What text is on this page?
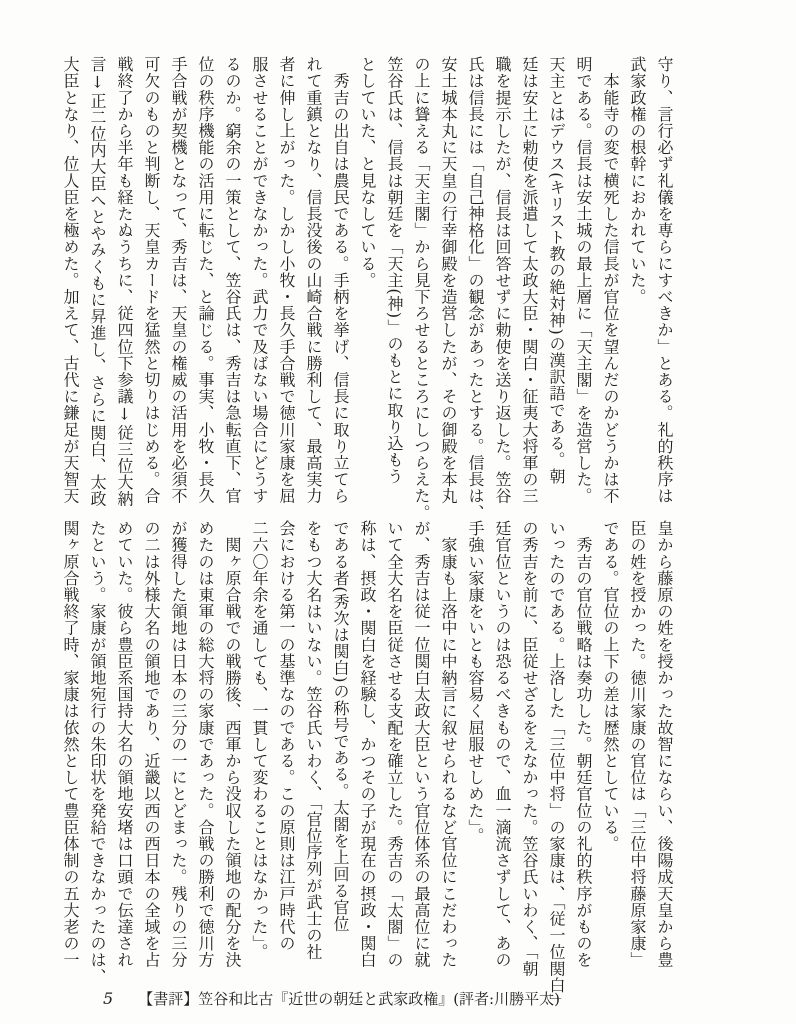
守り、言行必ず礼儀を専らにすべきか」とある。礼的秩序は

武家政権の根幹におかれていた。

　本能寺の変で横死した信長が官位を望んだのかどうかは不

明である。信長は安土城の最上層に「天主閣」を造営した。

天主とはデウス(キリスト教の絶対神)の漢訳語である。朝

廷は安土に勅使を派遣して太政大臣・関白・征夷大将軍の三

職を提示したが、信長は回答せずに勅使を送り返した。笠谷

氏は信長には「自己神格化」の観念があったとする。信長は、

安土城本丸に天皇の行幸御殿を造営したが、その御殿を本丸

の上に聳える「天主閣」から見下ろせるところにしつらえた。

笠谷氏は、信長は朝廷を「天主(神)」のもとに取り込もう

としていた、と見なしている。

　秀吉の出自は農民である。手柄を挙げ、信長に取り立てら

れて重鎮となり、信長没後の山崎合戦に勝利して、最高実力

者に伸し上がった。しかし小牧・長久手合戦で徳川家康を屈

服させることができなかった。武力で及ばない場合にどうす

るのか。窮余の一策として、笠谷氏は、秀吉は急転直下、官

位の秩序機能の活用に転じた、と論じる。事実、小牧・長久

手合戦が契機となって、秀吉は、天皇の権威の活用を必須不

可欠のものと判断し、天皇カードを猛然と切りはじめる。合

戦終了から半年も経たぬうちに、従四位下参議↓従三位大納

言↓正二位内大臣へとやみくもに昇進し、さらに関白、太政

大臣となり、位人臣を極めた。加えて、古代に鎌足が天智天

皇から藤原の姓を授かった故智にならい、後陽成天皇から豊

臣の姓を授かった。徳川家康の官位は「三位中将藤原家康」

である。官位の上下の差は歴然としている。

　秀吉の官位戦略は奏功した。朝廷官位の礼的秩序がものを

いったのである。上洛した「三位中将」の家康は、「従一位関白」

の秀吉を前に、臣従せざるをえなかった。笠谷氏いわく、「朝

廷官位というのは恐るべきもので、血一滴流さずして、あの

手強い家康をいとも容易く屈服せしめた」。

　家康も上洛中に中納言に叙せられるなど官位にこだわった

が、秀吉は従一位関白太政大臣という官位体系の最高位に就

いて全大名を臣従させる支配を確立した。秀吉の「太閤」の

称は、摂政・関白を経験し、かつその子が現在の摂政・関白

である者(秀次は関白)の称号である。太閤を上回る官位

をもつ大名はいない。笠谷氏いわく、「官位序列が武士の社

会における第一の基準なのである。この原則は江戸時代の

二六〇年余を通しても、一貫して変わることはなかった」。

　関ヶ原合戦での戦勝後、西軍から没収した領地の配分を決

めたのは東軍の総大将の家康であった。合戦の勝利で徳川方

が獲得した領地は日本の三分の一にとどまった。残りの三分

の二は外様大名の領地であり、近畿以西の西日本の全域を占

めていた。彼ら豊臣系国持大名の領地安堵は口頭で伝達され

たという。家康が領地宛行の朱印状を発給できなかったのは、

関ヶ原合戦終了時、家康は依然として豊臣体制の五大老の一

5 【書評】笠谷和比古『近世の朝廷と武家政権』(評者:川勝平太)
